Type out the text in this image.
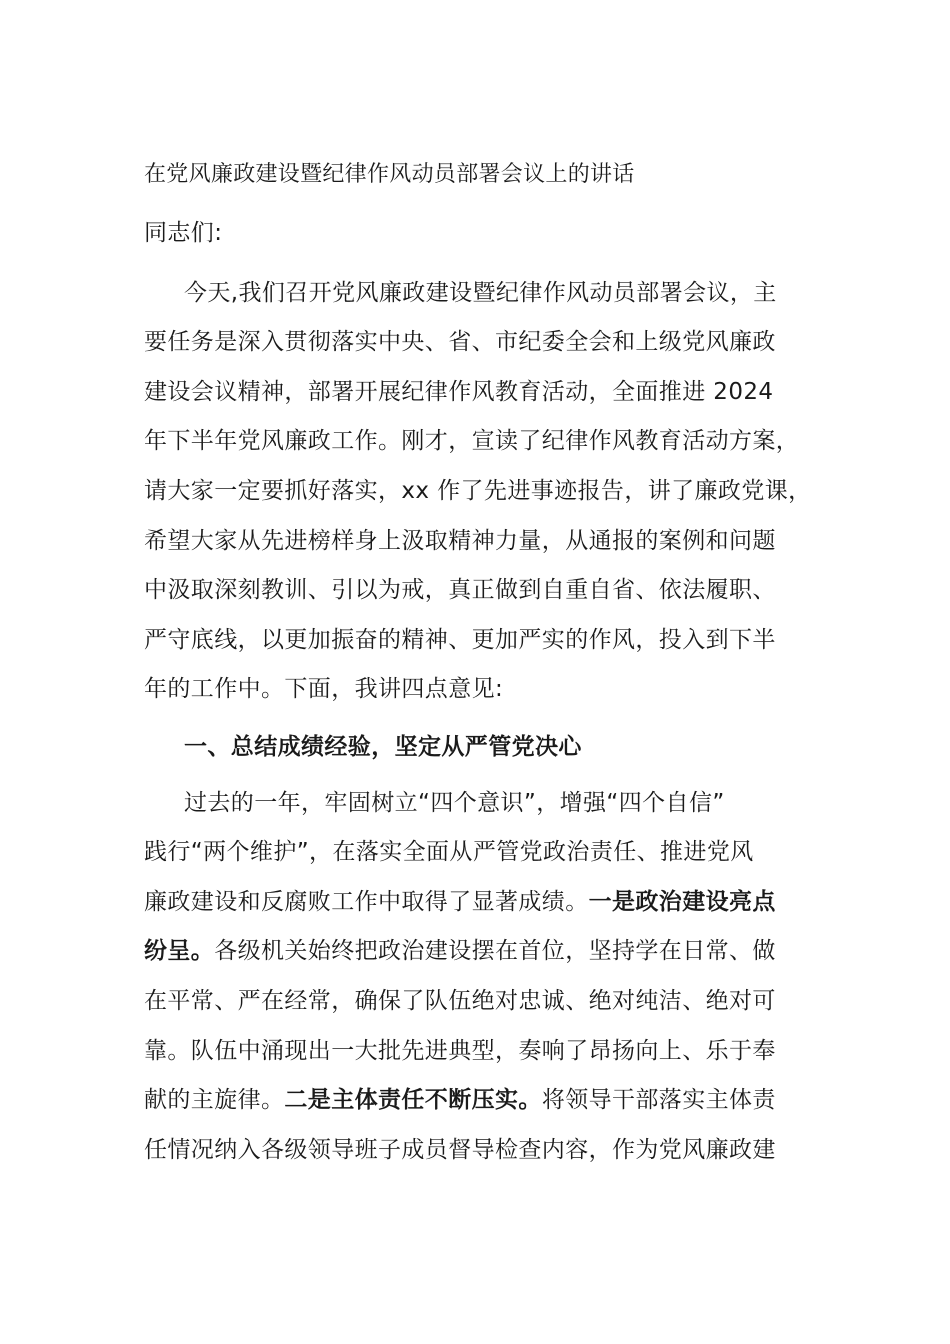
在党风廉政建设暨纪律作风动员部署会议上的讲话
同志们:
今天,我们召开党风廉政建设暨纪律作风动员部署会议，主
要任务是深入贯彻落实中央、省、市纪委全会和上级党风廉政
建设会议精神，部署开展纪律作风教育活动，全面推进 2024
年下半年党风廉政工作。刚才，宣读了纪律作风教育活动方案，
请大家一定要抓好落实，xx 作了先进事迹报告，讲了廉政党课，
希望大家从先进榜样身上汲取精神力量，从通报的案例和问题
中汲取深刻教训、引以为戒，真正做到自重自省、依法履职、
严守底线，以更加振奋的精神、更加严实的作风，投入到下半
年的工作中。下面，我讲四点意见:
一、总结成绩经验，坚定从严管党决心
过去的一年，牢固树立“四个意识”，增强“四个自信”
践行“两个维护”，在落实全面从严管党政治责任、推进党风
廉政建设和反腐败工作中取得了显著成绩。一是政治建设亮点
纷呈。各级机关始终把政治建设摆在首位，坚持学在日常、做
在平常、严在经常，确保了队伍绝对忠诚、绝对纯洁、绝对可
靠。队伍中涌现出一大批先进典型，奏响了昂扬向上、乐于奉
献的主旋律。二是主体责任不断压实。将领导干部落实主体责
任情况纳入各级领导班子成员督导检查内容，作为党风廉政建
